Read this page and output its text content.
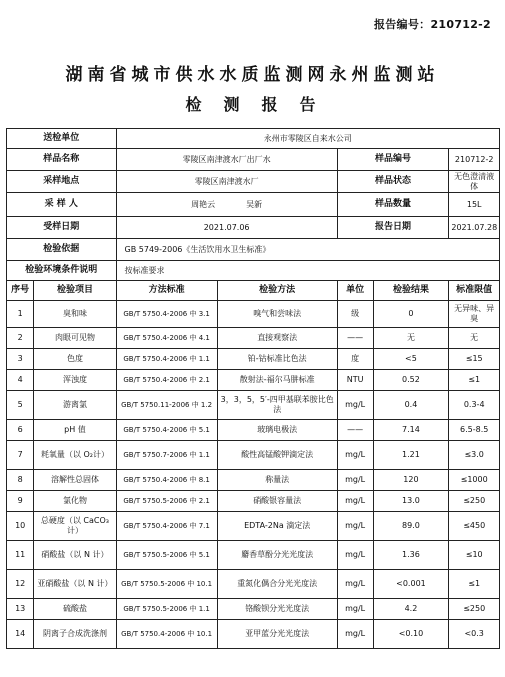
报告编号：210712-2
湖南省城市供水水质监测网永州监测站
检测报告
送检单位		永州市零陵区自来水公司				
样品名称		零陵区南津渡水厂出厂水		样品编号		210712-2
采样地点		零陵区南津渡水厂		样品状态		无色澄清液体
采 样 人		周艳云 吴新		样品数量		15L
受样日期		2021.07.06		报告日期		2021.07.28
检验依据		GB 5749-2006《生活饮用水卫生标准》				
检验环境条件说明		按标准要求				
序号	检验项目	方法标准	检验方法	单位	检验结果	标准限值
1	臭和味	GB/T 5750.4-2006 中 3.1	嗅气和尝味法	级	0	无异味、异臭
2	肉眼可见物	GB/T 5750.4-2006 中 4.1	直接观察法	——	无	无
3	色度	GB/T 5750.4-2006 中 1.1	铂-钴标准比色法	度	<5	≤15
4	浑浊度	GB/T 5750.4-2006 中 2.1	散射法-福尔马肼标准	NTU	0.52	≤1
5	游离氯	GB/T 5750.11-2006 中 1.2	3，3，5，5′-四甲基联苯胺比色法	mg/L	0.4	0.3-4
6	pH 值	GB/T 5750.4-2006 中 5.1	玻璃电极法	——	7.14	6.5-8.5
7	耗氧量（以 O₂计）	GB/T 5750.7-2006 中 1.1	酸性高锰酸钾滴定法	mg/L	1.21	≤3.0
8	溶解性总固体	GB/T 5750.4-2006 中 8.1	称量法	mg/L	120	≤1000
9	氯化物	GB/T 5750.5-2006 中 2.1	硝酸银容量法	mg/L	13.0	≤250
10	总硬度（以 CaCO₃计）	GB/T 5750.4-2006 中 7.1	EDTA-2Na 滴定法	mg/L	89.0	≤450
11	硝酸盐（以 N 计）	GB/T 5750.5-2006 中 5.1	麝香草酚分光光度法	mg/L	1.36	≤10
12	亚硝酸盐（以 N 计）	GB/T 5750.5-2006 中 10.1	重氮化偶合分光光度法	mg/L	<0.001	≤1
13	硫酸盐	GB/T 5750.5-2006 中 1.1	铬酸钡分光光度法	mg/L	4.2	≤250
14	阴离子合成洗涤剂	GB/T 5750.4-2006 中 10.1	亚甲蓝分光光度法	mg/L	<0.10	<0.3
